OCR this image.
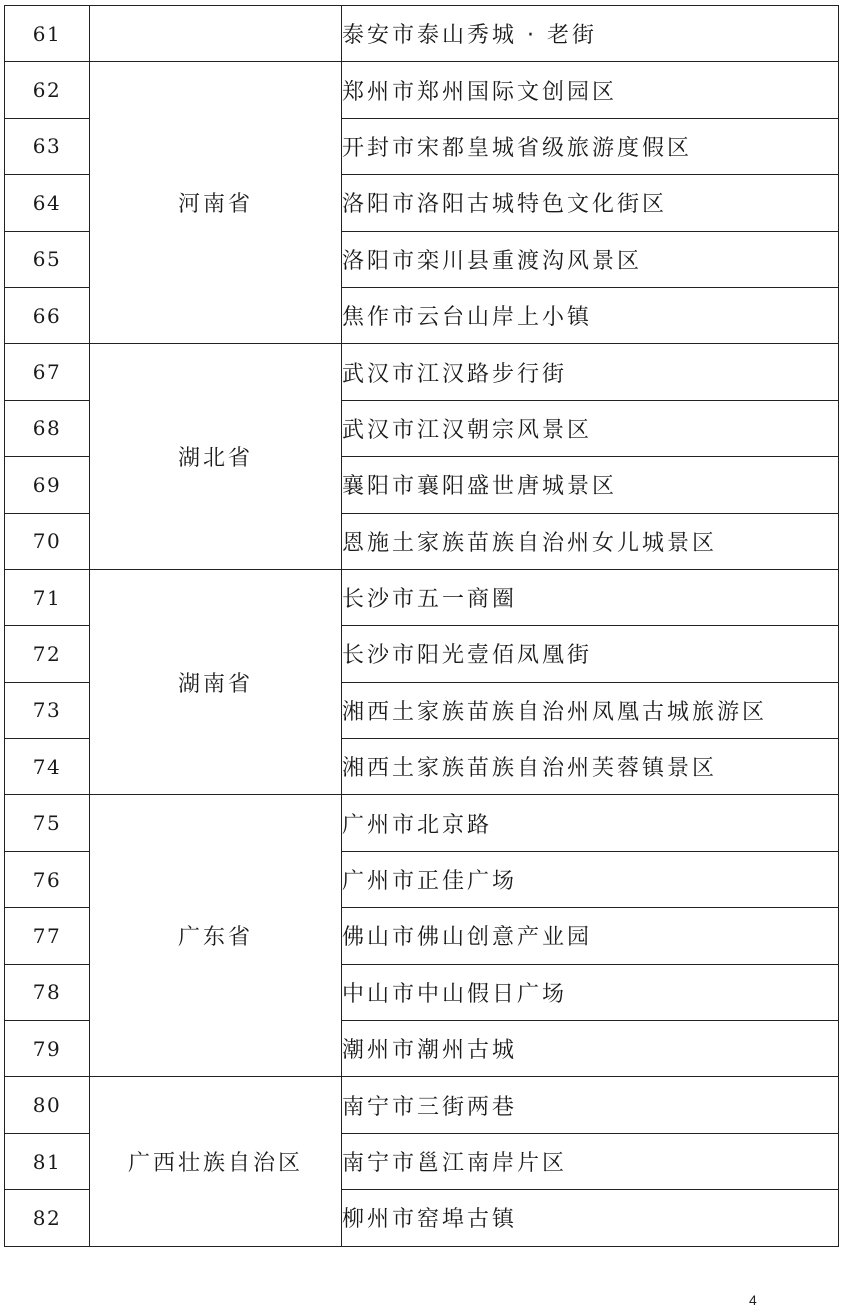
61		泰安市泰山秀城 · 老街
62	河南省	郑州市郑州国际文创园区
63		开封市宋都皇城省级旅游度假区
64		洛阳市洛阳古城特色文化街区
65		洛阳市栾川县重渡沟风景区
66		焦作市云台山岸上小镇
67	湖北省	武汉市江汉路步行街
68		武汉市江汉朝宗风景区
69		襄阳市襄阳盛世唐城景区
70		恩施土家族苗族自治州女儿城景区
71	湖南省	长沙市五一商圈
72		长沙市阳光壹佰凤凰街
73		湘西土家族苗族自治州凤凰古城旅游区
74		湘西土家族苗族自治州芙蓉镇景区
75	广东省	广州市北京路
76		广州市正佳广场
77		佛山市佛山创意产业园
78		中山市中山假日广场
79		潮州市潮州古城
80	广西壮族自治区	南宁市三街两巷
81		南宁市邕江南岸片区
82		柳州市窑埠古镇
4
